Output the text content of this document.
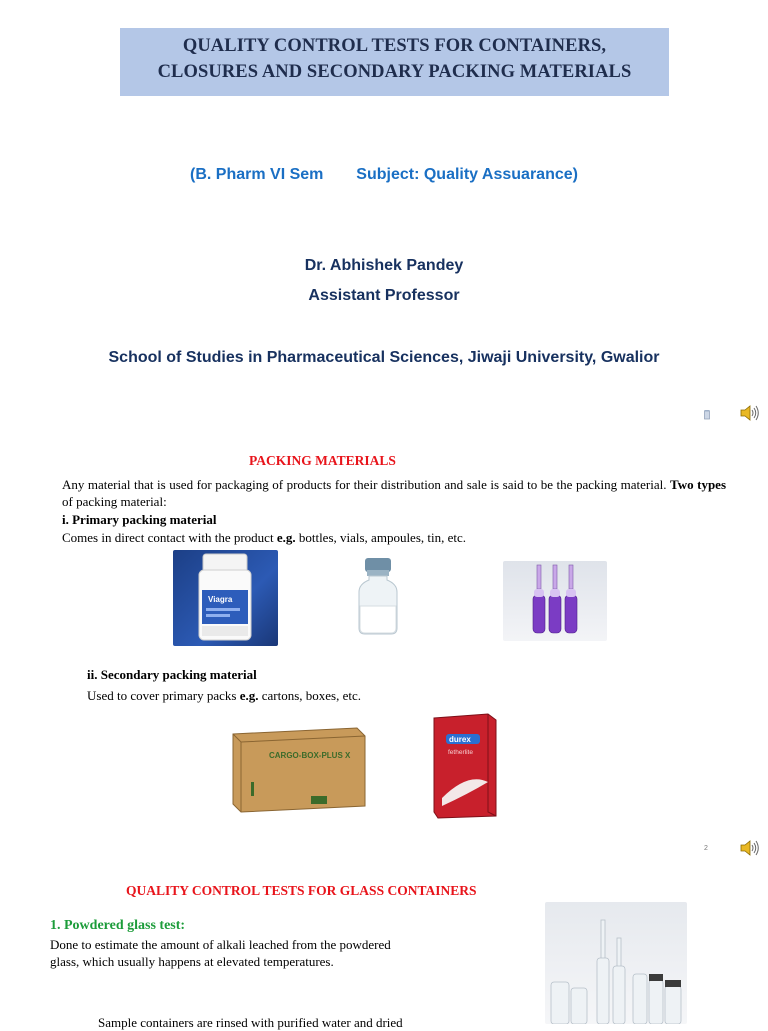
QUALITY CONTROL TESTS FOR CONTAINERS,
CLOSURES AND SECONDARY PACKING MATERIALS
(B. Pharm VI Sem Subject: Quality Assuarance)
Dr. Abhishek Pandey
Assistant Professor
School of Studies in Pharmaceutical Sciences, Jiwaji University, Gwalior
PACKING MATERIALS
Any material that is used for packaging of products for their distribution and sale is said to be the packing material. Two types of packing material:
i. Primary packing material
Comes in direct contact with the product e.g. bottles, vials, ampoules, tin, etc.
Viagra
ii. Secondary packing material
Used to cover primary packs e.g. cartons, boxes, etc.
CARGO-BOX-PLUS X
durex
fetherlite
2
QUALITY CONTROL TESTS FOR GLASS CONTAINERS
1. Powdered glass test:
Done to estimate the amount of alkali leached from the powdered
glass, which usually happens at elevated temperatures.
Sample containers are rinsed with purified water and dried
